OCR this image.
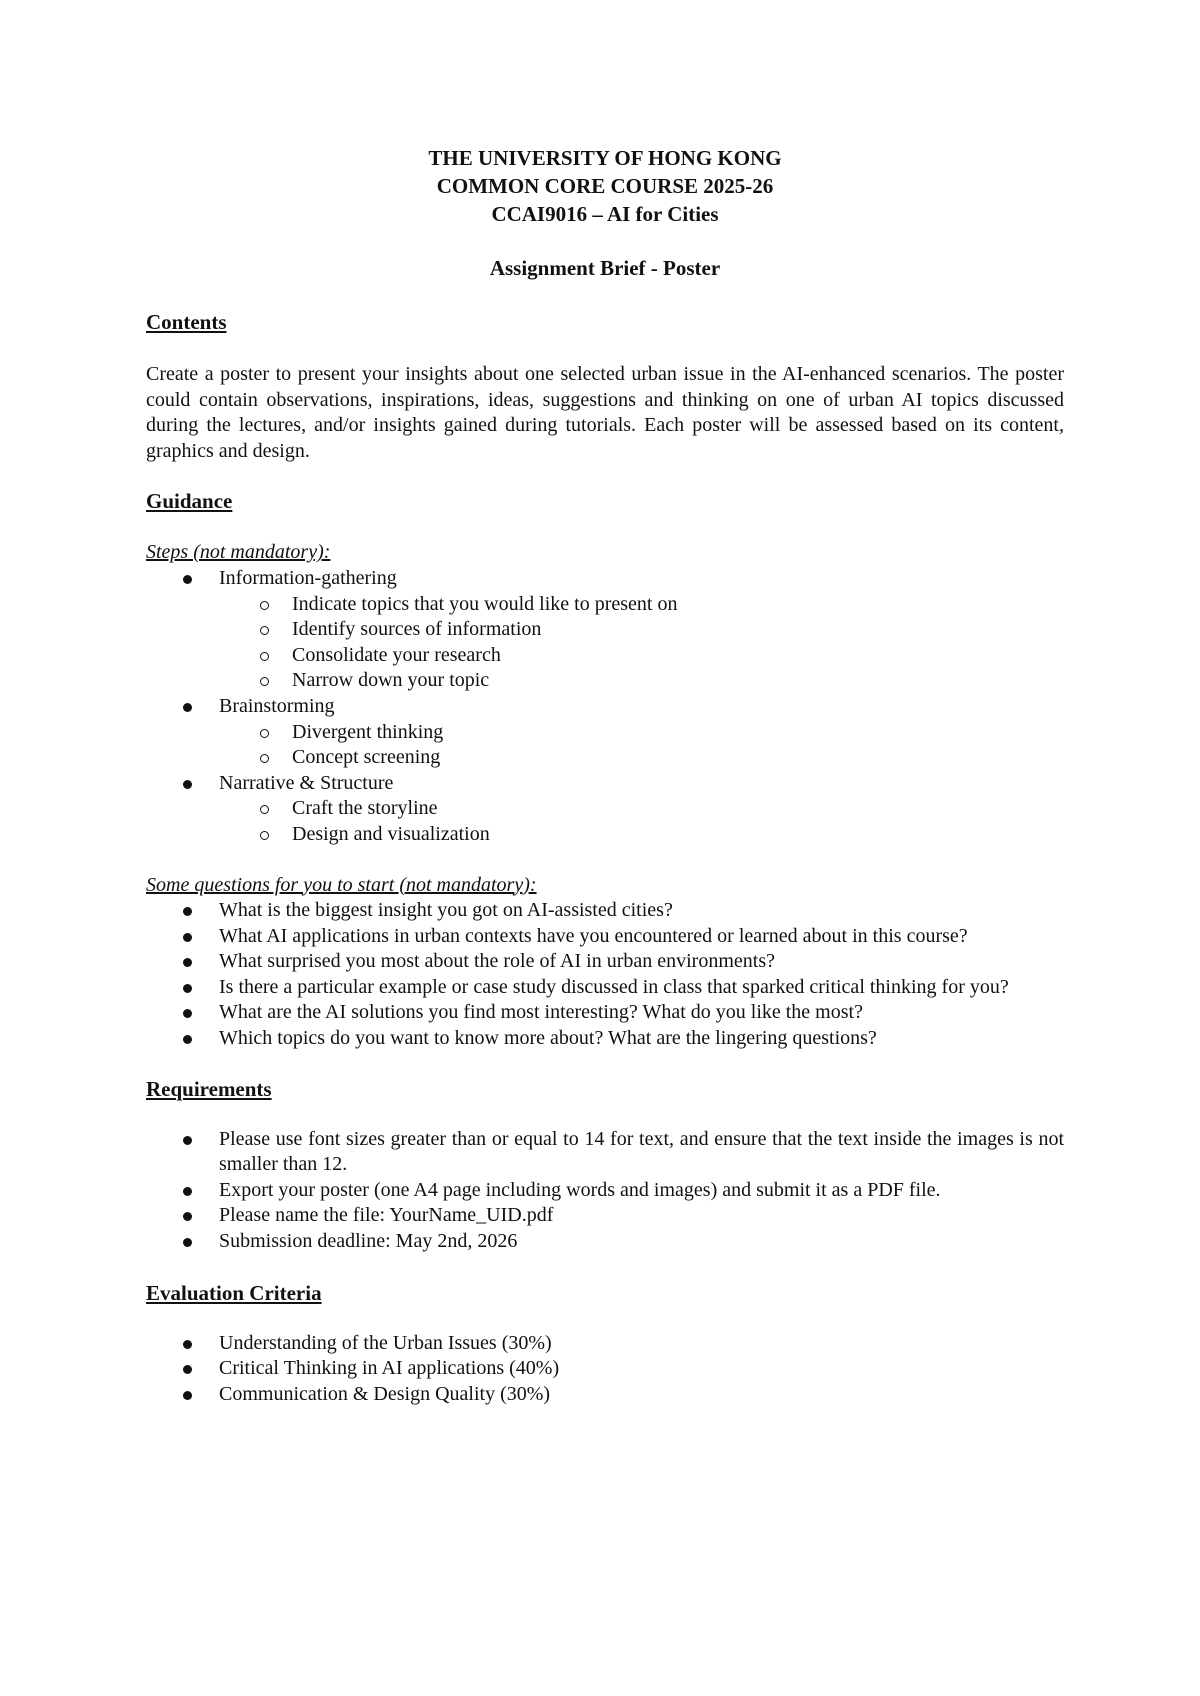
THE UNIVERSITY OF HONG KONG
COMMON CORE COURSE 2025-26
CCAI9016 – AI for Cities
Assignment Brief - Poster
Contents
Create a poster to present your insights about one selected urban issue in the AI-enhanced scenarios. The poster could contain observations, inspirations, ideas, suggestions and thinking on one of urban AI topics discussed during the lectures, and/or insights gained during tutorials. Each poster will be assessed based on its content, graphics and design.
Guidance
Steps (not mandatory):
Information-gathering
Indicate topics that you would like to present on
Identify sources of information
Consolidate your research
Narrow down your topic
Brainstorming
Divergent thinking
Concept screening
Narrative & Structure
Craft the storyline
Design and visualization
Some questions for you to start (not mandatory):
What is the biggest insight you got on AI-assisted cities?
What AI applications in urban contexts have you encountered or learned about in this course?
What surprised you most about the role of AI in urban environments?
Is there a particular example or case study discussed in class that sparked critical thinking for you?
What are the AI solutions you find most interesting? What do you like the most?
Which topics do you want to know more about? What are the lingering questions?
Requirements
Please use font sizes greater than or equal to 14 for text, and ensure that the text inside the images is not smaller than 12.
Export your poster (one A4 page including words and images) and submit it as a PDF file.
Please name the file: YourName_UID.pdf
Submission deadline: May 2nd, 2026
Evaluation Criteria
Understanding of the Urban Issues (30%)
Critical Thinking in AI applications (40%)
Communication & Design Quality (30%)
